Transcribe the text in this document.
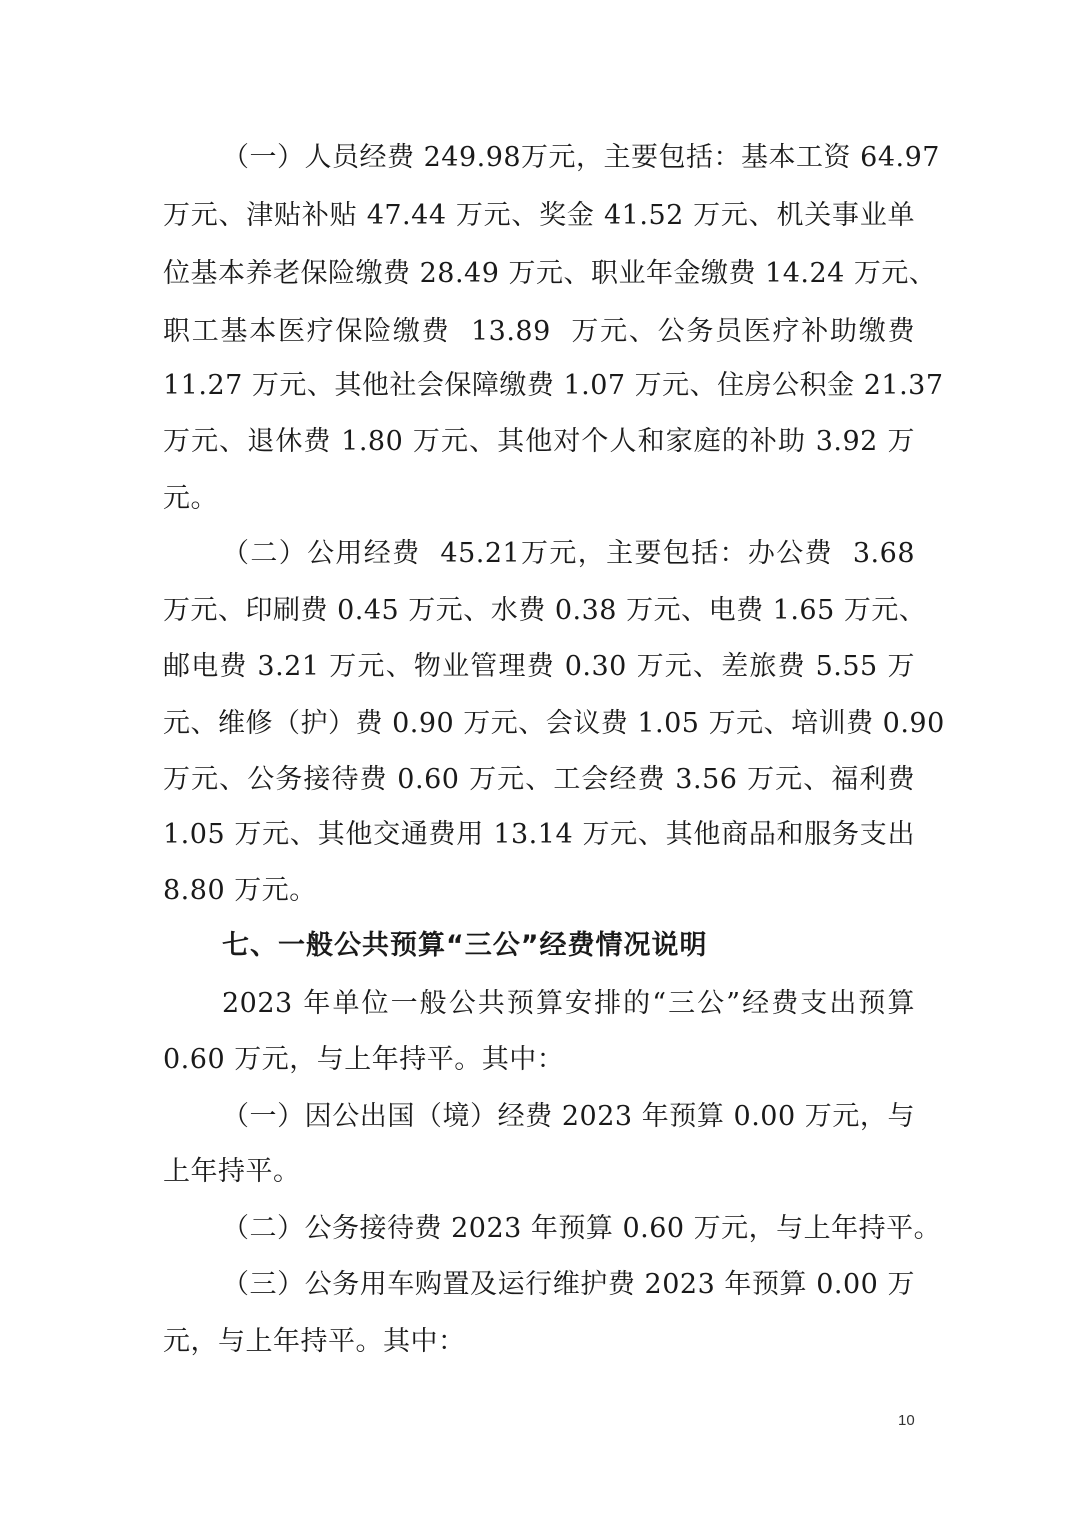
（一）人员经费 249.98万元，主要包括：基本工资 64.97
万元、津贴补贴 47.44 万元、奖金 41.52 万元、机关事业单
位基本养老保险缴费 28.49 万元、职业年金缴费 14.24 万元、
职工基本医疗保险缴费  13.89  万元、公务员医疗补助缴费
11.27 万元、其他社会保障缴费 1.07 万元、住房公积金 21.37
万元、退休费 1.80 万元、其他对个人和家庭的补助 3.92 万
元。
（二）公用经费  45.21万元，主要包括：办公费  3.68
万元、印刷费 0.45 万元、水费 0.38 万元、电费 1.65 万元、
邮电费 3.21 万元、物业管理费 0.30 万元、差旅费 5.55 万
元、维修（护）费 0.90 万元、会议费 1.05 万元、培训费 0.90
万元、公务接待费 0.60 万元、工会经费 3.56 万元、福利费
1.05 万元、其他交通费用 13.14 万元、其他商品和服务支出
8.80 万元。
七、一般公共预算“三公”经费情况说明
2023 年单位一般公共预算安排的“三公”经费支出预算
0.60 万元，与上年持平。其中：
（一）因公出国（境）经费 2023 年预算 0.00 万元，与
上年持平。
（二）公务接待费 2023 年预算 0.60 万元，与上年持平。
（三）公务用车购置及运行维护费 2023 年预算 0.00 万
元，与上年持平。其中：
10
